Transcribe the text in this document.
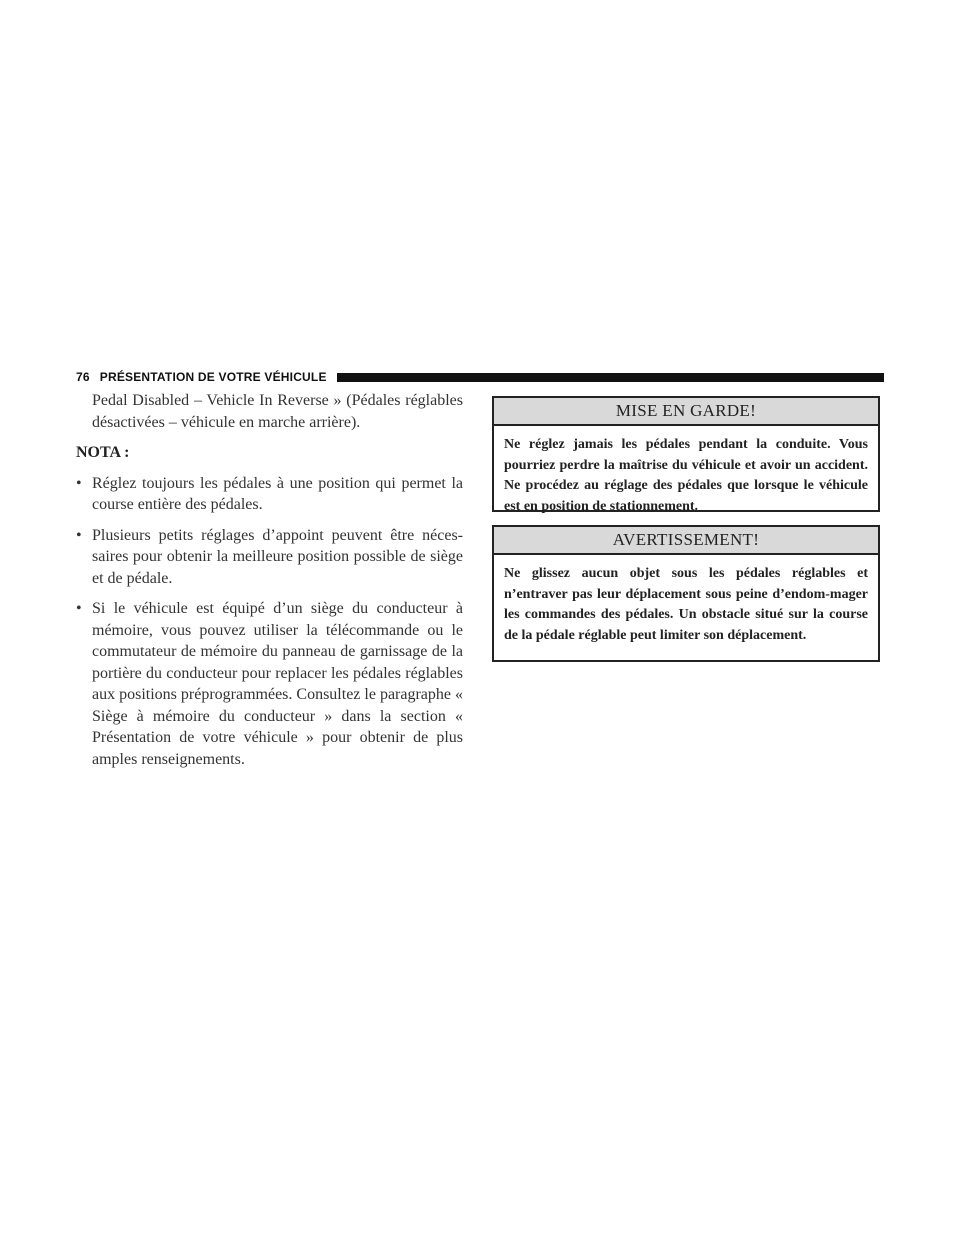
76 PRÉSENTATION DE VOTRE VÉHICULE

Pedal Disabled – Vehicle In Reverse » (Pédales réglables désactivées – véhicule en marche arrière).

NOTA :

• Réglez toujours les pédales à une position qui permet la course entière des pédales.
• Plusieurs petits réglages d’appoint peuvent être néces-saires pour obtenir la meilleure position possible de siège et de pédale.
• Si le véhicule est équipé d’un siège du conducteur à mémoire, vous pouvez utiliser la télécommande ou le commutateur de mémoire du panneau de garnissage de la portière du conducteur pour replacer les pédales réglables aux positions préprogrammées. Consultez le paragraphe « Siège à mémoire du conducteur » dans la section « Présentation de votre véhicule » pour obtenir de plus amples renseignements.
MISE EN GARDE!
Ne réglez jamais les pédales pendant la conduite. Vous pourriez perdre la maîtrise du véhicule et avoir un accident. Ne procédez au réglage des pédales que lorsque le véhicule est en position de stationnement.
AVERTISSEMENT!
Ne glissez aucun objet sous les pédales réglables et n’entraver pas leur déplacement sous peine d’endom-mager les commandes des pédales. Un obstacle situé sur la course de la pédale réglable peut limiter son déplacement.
